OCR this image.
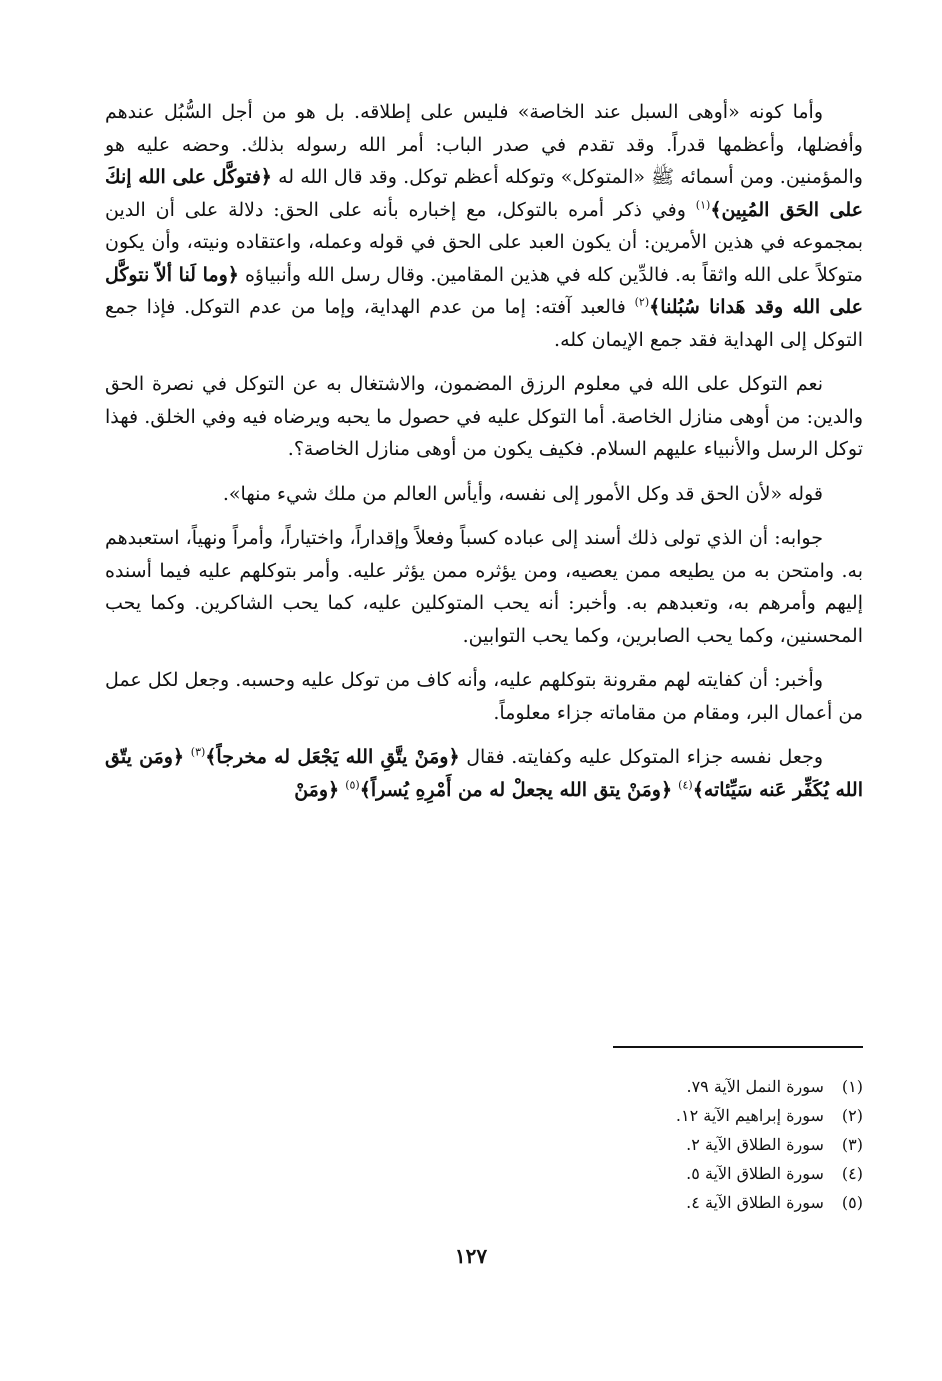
وأما كونه «أوهى السبل عند الخاصة» فليس على إطلاقه. بل هو من أجل السُّبُل عندهم وأفضلها، وأعظمها قدراً. وقد تقدم في صدر الباب: أمر الله رسوله بذلك. وحضه عليه هو والمؤمنين. ومن أسمائه ﷺ «المتوكل» وتوكله أعظم توكل. وقد قال الله له ﴿فتوكَّل على الله إنكَ على الحَق المُبِين﴾$^{(١)}$ وفي ذكر أمره بالتوكل، مع إخباره بأنه على الحق: دلالة على أن الدين بمجموعه في هذين الأمرين: أن يكون العبد على الحق في قوله وعمله، واعتقاده ونيته، وأن يكون متوكلاً على الله واثقاً به. فالدِّين كله في هذين المقامين. وقال رسل الله وأنبياؤه ﴿وما لَنا ألاّ نتوكَّل على الله وقد هَدانا سُبُلنا﴾$^{(٢)}$ فالعبد آفته: إما من عدم الهداية، وإما من عدم التوكل. فإذا جمع التوكل إلى الهداية فقد جمع الإيمان كله.

نعم التوكل على الله في معلوم الرزق المضمون، والاشتغال به عن التوكل في نصرة الحق والدين: من أوهى منازل الخاصة. أما التوكل عليه في حصول ما يحبه ويرضاه فيه وفي الخلق. فهذا توكل الرسل والأنبياء عليهم السلام. فكيف يكون من أوهى منازل الخاصة؟.

قوله «لأن الحق قد وكل الأمور إلى نفسه، وأيأس العالم من ملك شيء منها».

جوابه: أن الذي تولى ذلك أسند إلى عباده كسباً وفعلاً وإقداراً، واختياراً، وأمراً ونهياً، استعبدهم به. وامتحن به من يطيعه ممن يعصيه، ومن يؤثره ممن يؤثر عليه. وأمر بتوكلهم عليه فيما أسنده إليهم وأمرهم به، وتعبدهم به. وأخبر: أنه يحب المتوكلين عليه، كما يحب الشاكرين. وكما يحب المحسنين، وكما يحب الصابرين، وكما يحب التوابين.

وأخبر: أن كفايته لهم مقرونة بتوكلهم عليه، وأنه كاف من توكل عليه وحسبه. وجعل لكل عمل من أعمال البر، ومقام من مقاماته جزاء معلوماً.

وجعل نفسه جزاء المتوكل عليه وكفايته. فقال ﴿ومَنْ يتَّقِ الله يَجْعَل له مخرجاً﴾$^{(٣)}$ ﴿ومَن يتّق الله يُكَفِّر عَنه سَيِّئاته﴾$^{(٤)}$ ﴿ومَنْ يتق الله يجعلْ له من أَمْرِهِ يُسراً﴾$^{(٥)}$ ﴿ومَنْ

(١) سورة النمل الآية ٧٩.

(٢) سورة إبراهيم الآية ١٢.

(٣) سورة الطلاق الآية ٢.

(٤) سورة الطلاق الآية ٥.

(٥) سورة الطلاق الآية ٤.

١٢٧
